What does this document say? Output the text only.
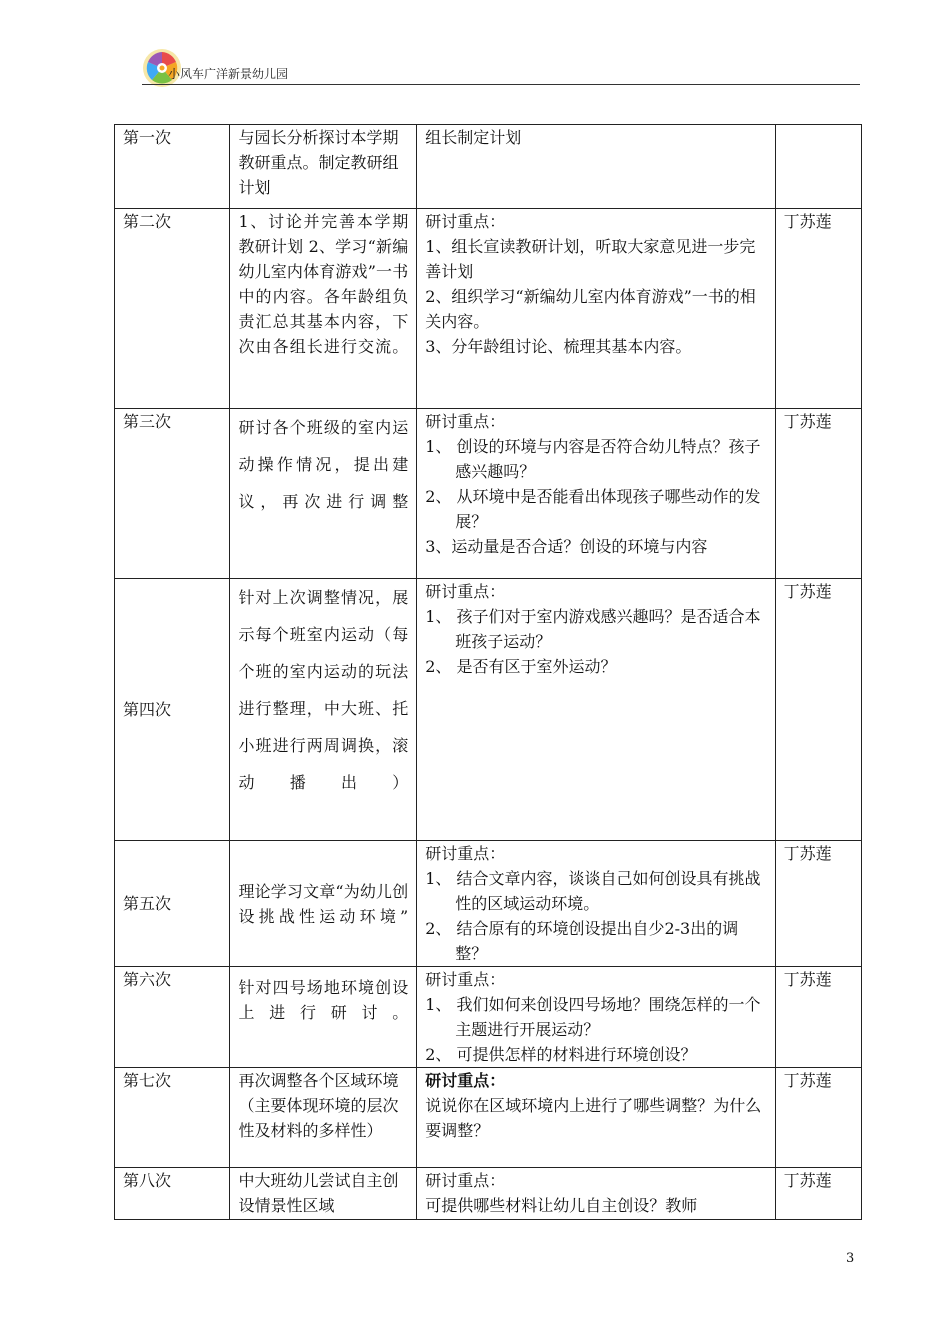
小风车广洋新景幼儿园
第一次	与园长分析探讨本学期教研重点。制定教研组计划	组长制定计划	

第二次	1、讨论并完善本学期教研计划 2、学习“新编幼儿室内体育游戏”一书中的内容。各年龄组负责汇总其基本内容，下次由各组长进行交流。	研讨重点：
1、组长宣读教研计划，听取大家意见进一步完善计划
2、组织学习“新编幼儿室内体育游戏”一书的相关内容。
3、分年龄组讨论、梳理其基本内容。	丁苏莲
第三次	研讨各个班级的室内运动操作情况，提出建议，再次进行调整	研讨重点：
1、 创设的环境与内容是否符合幼儿特点？孩子感兴趣吗？
2、 从环境中是否能看出体现孩子哪些动作的发展？
3、运动量是否合适？创设的环境与内容	丁苏莲
第四次	针对上次调整情况，展示每个班室内运动（每个班的室内运动的玩法进行整理，中大班、托小班进行两周调换，滚动播出）	研讨重点：
1、 孩子们对于室内游戏感兴趣吗？是否适合本班孩子运动？
2、 是否有区于室外运动？	丁苏莲
第五次	理论学习文章“为幼儿创设挑战性运动环境”	研讨重点：
1、 结合文章内容，谈谈自己如何创设具有挑战性的区域运动环境。
2、 结合原有的环境创设提出自少2-3出的调整？	丁苏莲
第六次	针对四号场地环境创设上进行研讨。	研讨重点：
1、 我们如何来创设四号场地？围绕怎样的一个主题进行开展运动？
2、 可提供怎样的材料进行环境创设？	丁苏莲
第七次	再次调整各个区域环境（主要体现环境的层次性及材料的多样性）	研讨重点：
说说你在区域环境内上进行了哪些调整？为什么要调整？	丁苏莲
第八次	中大班幼儿尝试自主创设情景性区域	研讨重点：
可提供哪些材料让幼儿自主创设？教师	丁苏莲
3
